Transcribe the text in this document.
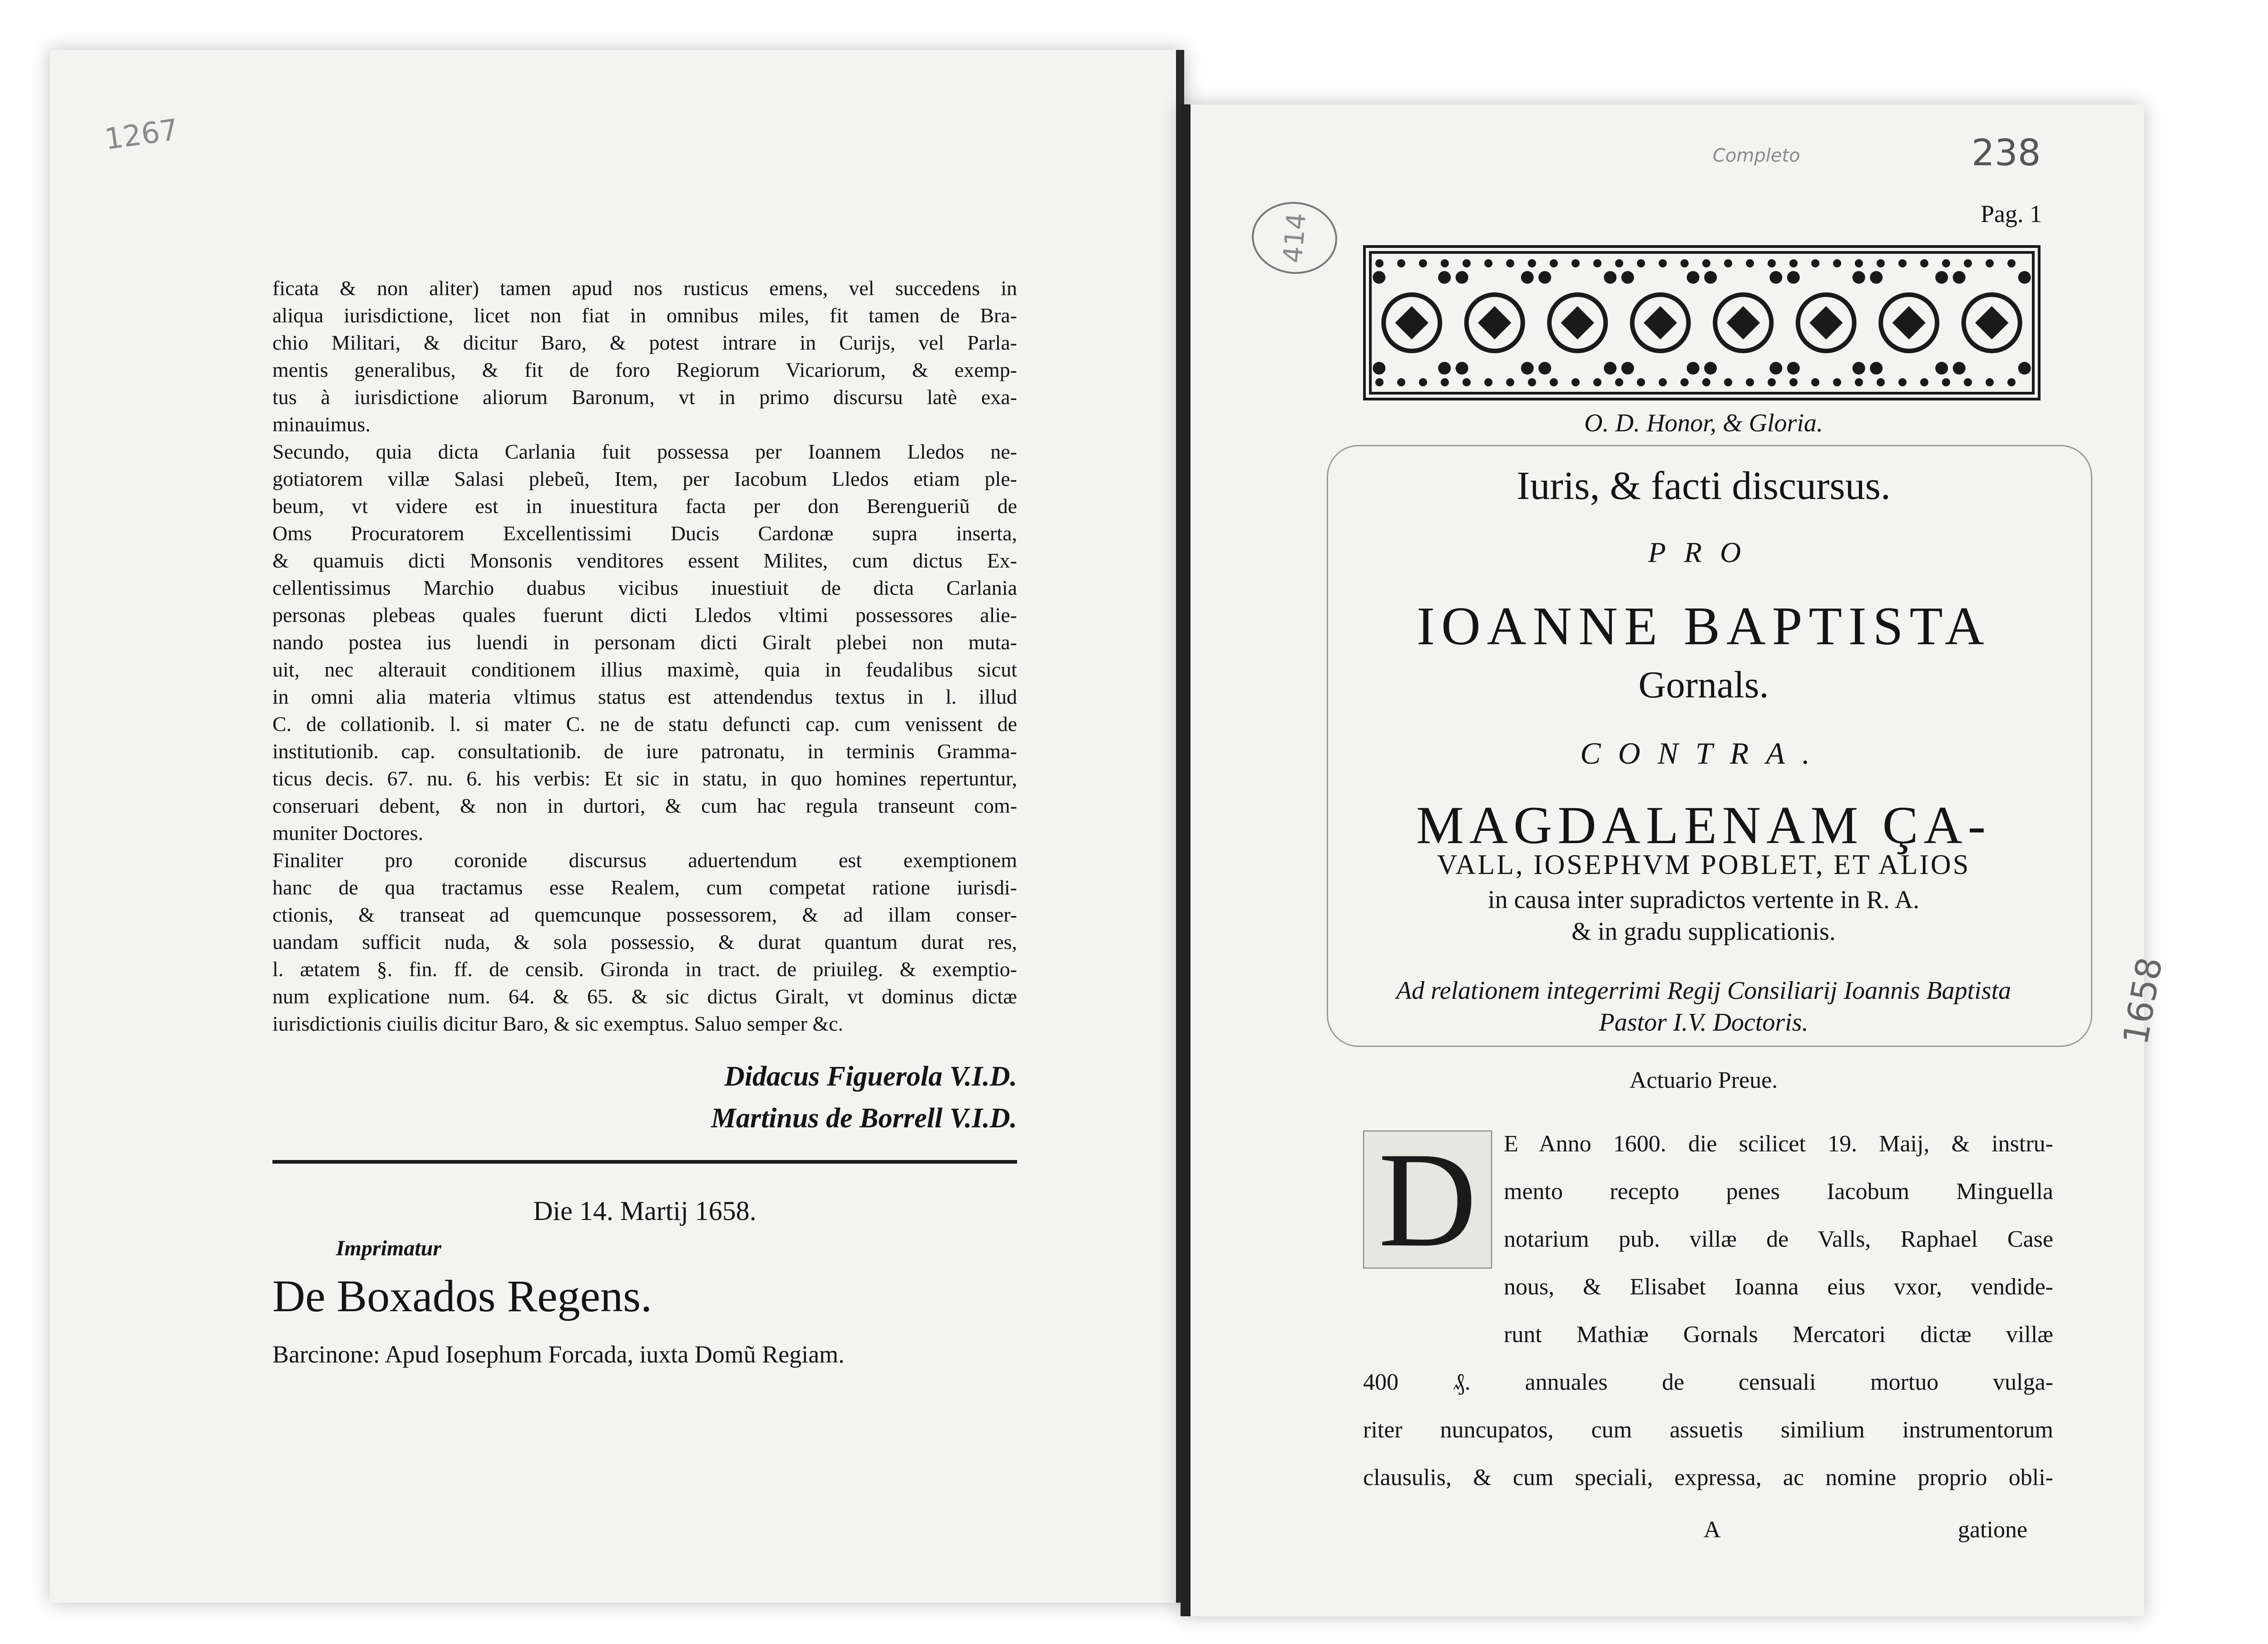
1267
ficata & non aliter) tamen apud nos rusticus emens, vel succedens in
aliqua iurisdictione, licet non fiat in omnibus miles, fit tamen de Bra-
chio Militari, & dicitur Baro, & potest intrare in Curijs, vel Parla-
mentis generalibus, & fit de foro Regiorum Vicariorum, & exemp-
tus à iurisdictione aliorum Baronum, vt in primo discursu latè exa-
minauimus.
Secundo, quia dicta Carlania fuit possessa per Ioannem Lledos ne-
gotiatorem villæ Salasi plebeũ, Item, per Iacobum Lledos etiam ple-
beum, vt videre est in inuestitura facta per don Berengueriũ de
Oms Procuratorem Excellentissimi Ducis Cardonæ supra inserta,
& quamuis dicti Monsonis venditores essent Milites, cum dictus Ex-
cellentissimus Marchio duabus vicibus inuestiuit de dicta Carlania
personas plebeas quales fuerunt dicti Lledos vltimi possessores alie-
nando postea ius luendi in personam dicti Giralt plebei non muta-
uit, nec alterauit conditionem illius maximè, quia in feudalibus sicut
in omni alia materia vltimus status est attendendus textus in l. illud
C. de collationib. l. si mater C. ne de statu defuncti cap. cum venissent de
institutionib. cap. consultationib. de iure patronatu, in terminis Gramma-
ticus decis. 67. nu. 6. his verbis: Et sic in statu, in quo homines repertuntur,
conseruari debent, & non in durtori, & cum hac regula transeunt com-
muniter Doctores.
Finaliter pro coronide discursus aduertendum est exemptionem
hanc de qua tractamus esse Realem, cum competat ratione iurisdi-
ctionis, & transeat ad quemcunque possessorem, & ad illam conser-
uandam sufficit nuda, & sola possessio, & durat quantum durat res,
l. ætatem §. fin. ff. de censib. Gironda in tract. de priuileg. & exemptio-
num explicatione num. 64. & 65. & sic dictus Giralt, vt dominus dictæ
iurisdictionis ciuilis dicitur Baro, & sic exemptus. Saluo semper &c.
Didacus Figuerola V.I.D.
Martinus de Borrell V.I.D.
Die 14. Martij 1658.
Imprimatur
De Boxados Regens.
Barcinone: Apud Iosephum Forcada, iuxta Domũ Regiam.
414
Completo	238
Pag. 1
O. D. Honor, & Gloria.
Iuris, & facti discursus.
PRO
IOANNE BAPTISTA
Gornals.
CONTRA.
MAGDALENAM ÇA-
VALL, IOSEPHVM POBLET, ET ALIOS
in causa inter supradictos vertente in R. A.
& in gradu supplicationis.
Ad relationem integerrimi Regij Consiliarij Ioannis Baptista
Pastor I.V. Doctoris.	1658
Actuario Preue.
D
A	gatione
E Anno 1600. die scilicet 19. Maij, & instru-
mento recepto penes Iacobum Minguella
notarium pub. villæ de Valls, Raphael Case
nous, & Elisabet Ioanna eius vxor, vendide-
runt Mathiæ Gornals Mercatori dictæ villæ
400 ₰. annuales de censuali mortuo vulga-
riter nuncupatos, cum assuetis similium instrumentorum
clausulis, & cum speciali, expressa, ac nomine proprio obli-
